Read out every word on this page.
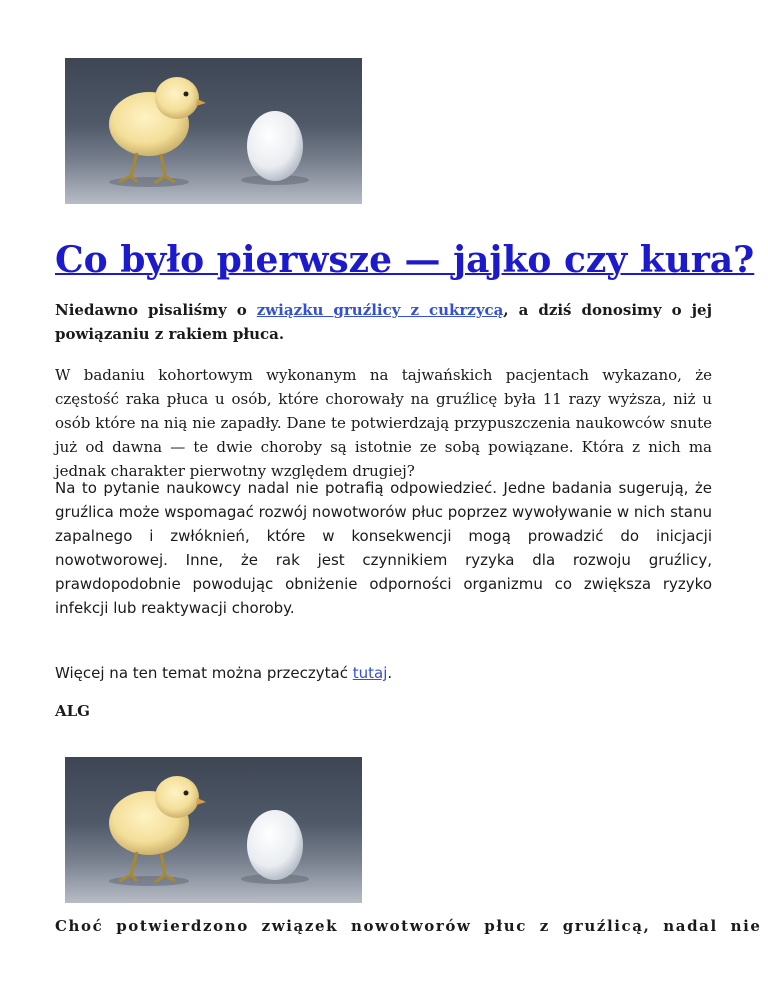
Co było pierwsze — jajko czy kura?

Niedawno pisaliśmy o związku gruźlicy z cukrzycą, a dziś donosimy o jej powiązaniu z rakiem płuca.

W badaniu kohortowym wykonanym na tajwańskich pacjentach wykazano, że częstość raka płuca u osób, które chorowały na gruźlicę była 11 razy wyższa, niż u osób które na nią nie zapadły. Dane te potwierdzają przypuszczenia naukowców snute już od dawna — te dwie choroby są istotnie ze sobą powiązane. Która z nich ma jednak charakter pierwotny względem drugiej?

Na to pytanie naukowcy nadal nie potrafią odpowiedzieć. Jedne badania sugerują, że gruźlica może wspomagać rozwój nowotworów płuc poprzez wywoływanie w nich stanu zapalnego i zwłóknień, które w konsekwencji mogą prowadzić do inicjacji nowotworowej. Inne, że rak jest czynnikiem ryzyka dla rozwoju gruźlicy, prawdopodobnie powodując obniżenie odporności organizmu co zwiększa ryzyko infekcji lub reaktywacji choroby.

Więcej na ten temat można przeczytać tutaj.

ALG

Choć potwierdzono związek nowotworów płuc z gruźlicą, nadal nie
